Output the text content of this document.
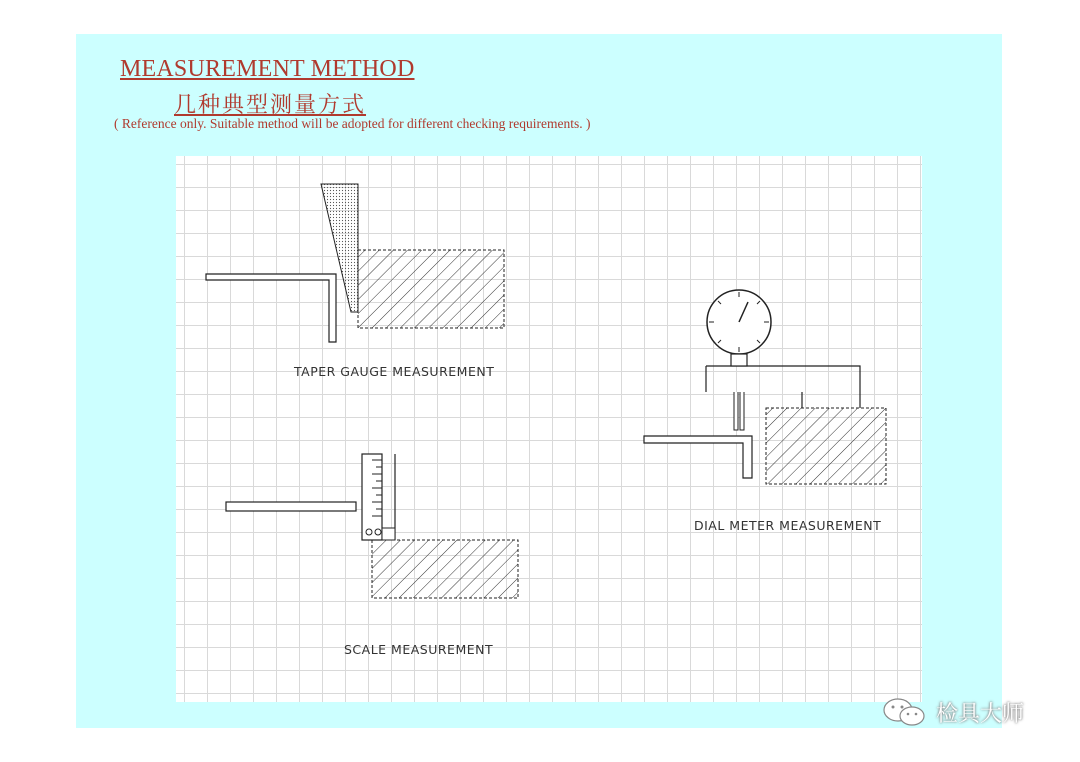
MEASUREMENT METHOD
几种典型测量方式

( Reference only. Suitable method will be adopted for different checking requirements. )

TAPER GAUGE MEASUREMENT
DIAL METER MEASUREMENT
SCALE MEASUREMENT
检具大师
